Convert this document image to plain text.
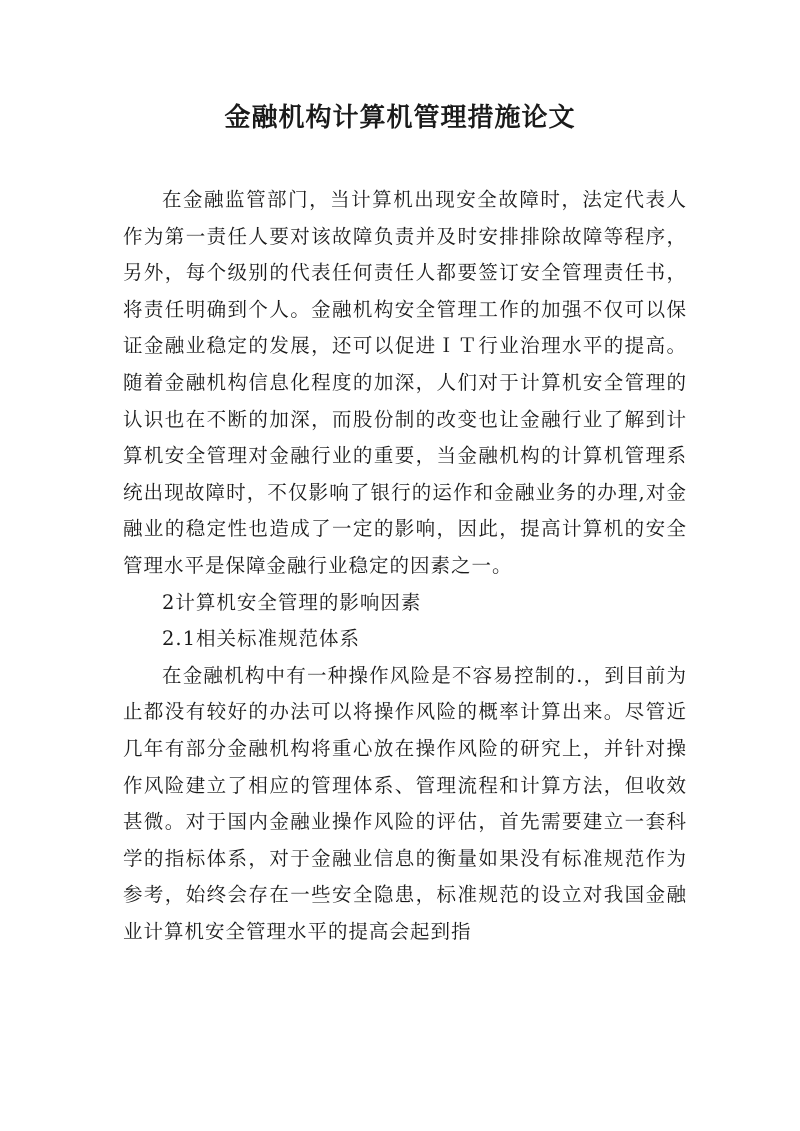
金融机构计算机管理措施论文

在金融监管部门，当计算机出现安全故障时，法定代表人作为第一责任人要对该故障负责并及时安排排除故障等程序，另外，每个级别的代表任何责任人都要签订安全管理责任书，将责任明确到个人。金融机构安全管理工作的加强不仅可以保证金融业稳定的发展，还可以促进ＩＴ行业治理水平的提高。随着金融机构信息化程度的加深，人们对于计算机安全管理的认识也在不断的加深，而股份制的改变也让金融行业了解到计算机安全管理对金融行业的重要，当金融机构的计算机管理系统出现故障时，不仅影响了银行的运作和金融业务的办理,对金融业的稳定性也造成了一定的影响，因此，提高计算机的安全管理水平是保障金融行业稳定的因素之一。

2计算机安全管理的影响因素

2.1相关标准规范体系

在金融机构中有一种操作风险是不容易控制的.，到目前为止都没有较好的办法可以将操作风险的概率计算出来。尽管近几年有部分金融机构将重心放在操作风险的研究上，并针对操作风险建立了相应的管理体系、管理流程和计算方法，但收效甚微。对于国内金融业操作风险的评估，首先需要建立一套科学的指标体系，对于金融业信息的衡量如果没有标准规范作为参考，始终会存在一些安全隐患，标准规范的设立对我国金融业计算机安全管理水平的提高会起到指
